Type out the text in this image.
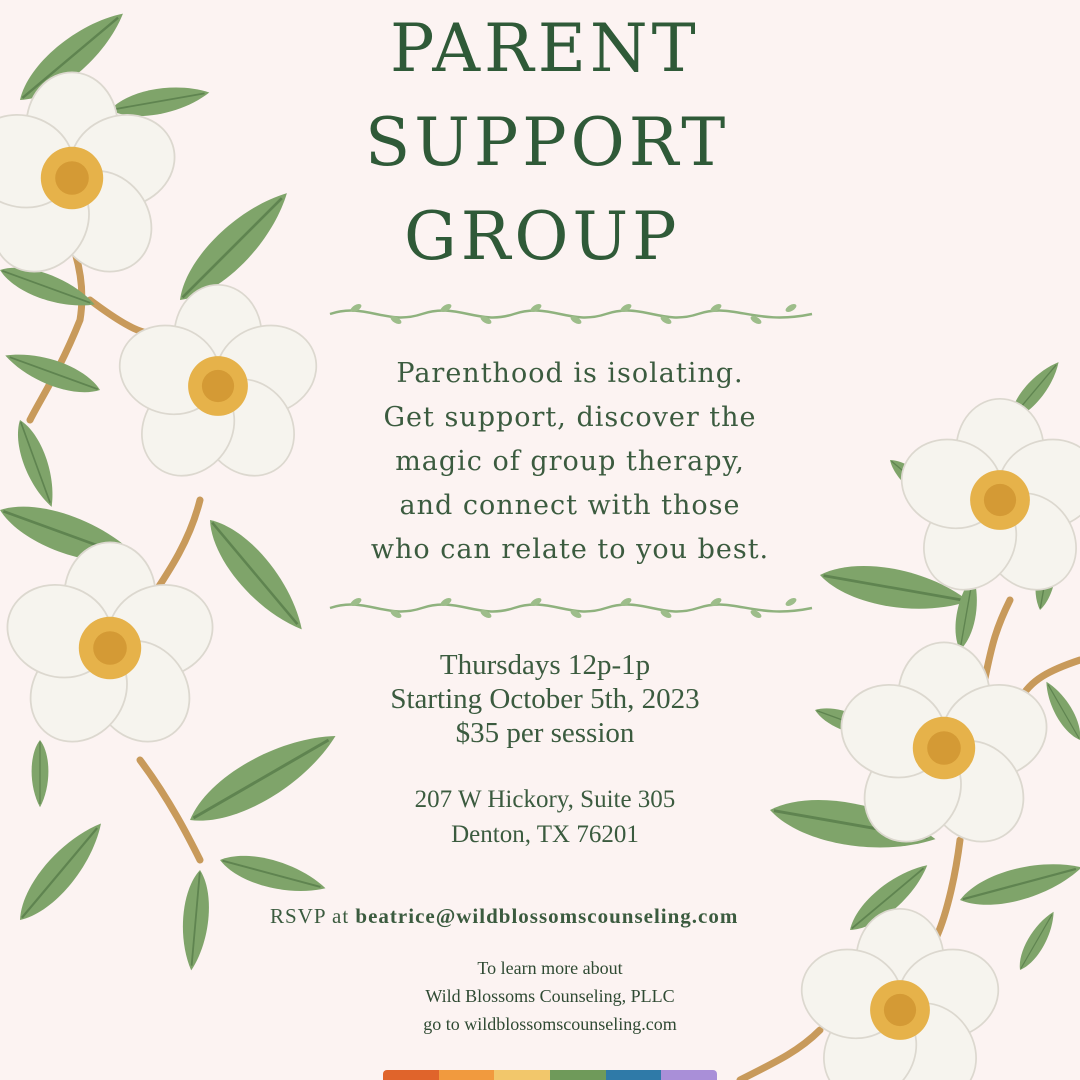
PARENT
SUPPORT
GROUP
Parenthood is isolating.
Get support, discover the
magic of group therapy,
and connect with those
who can relate to you best.
Thursdays 12p-1p
Starting October 5th, 2023
$35 per session
207 W Hickory, Suite 305
Denton, TX 76201
RSVP at beatrice@wildblossomscounseling.com
To learn more about
Wild Blossoms Counseling, PLLC
go to wildblossomscounseling.com
